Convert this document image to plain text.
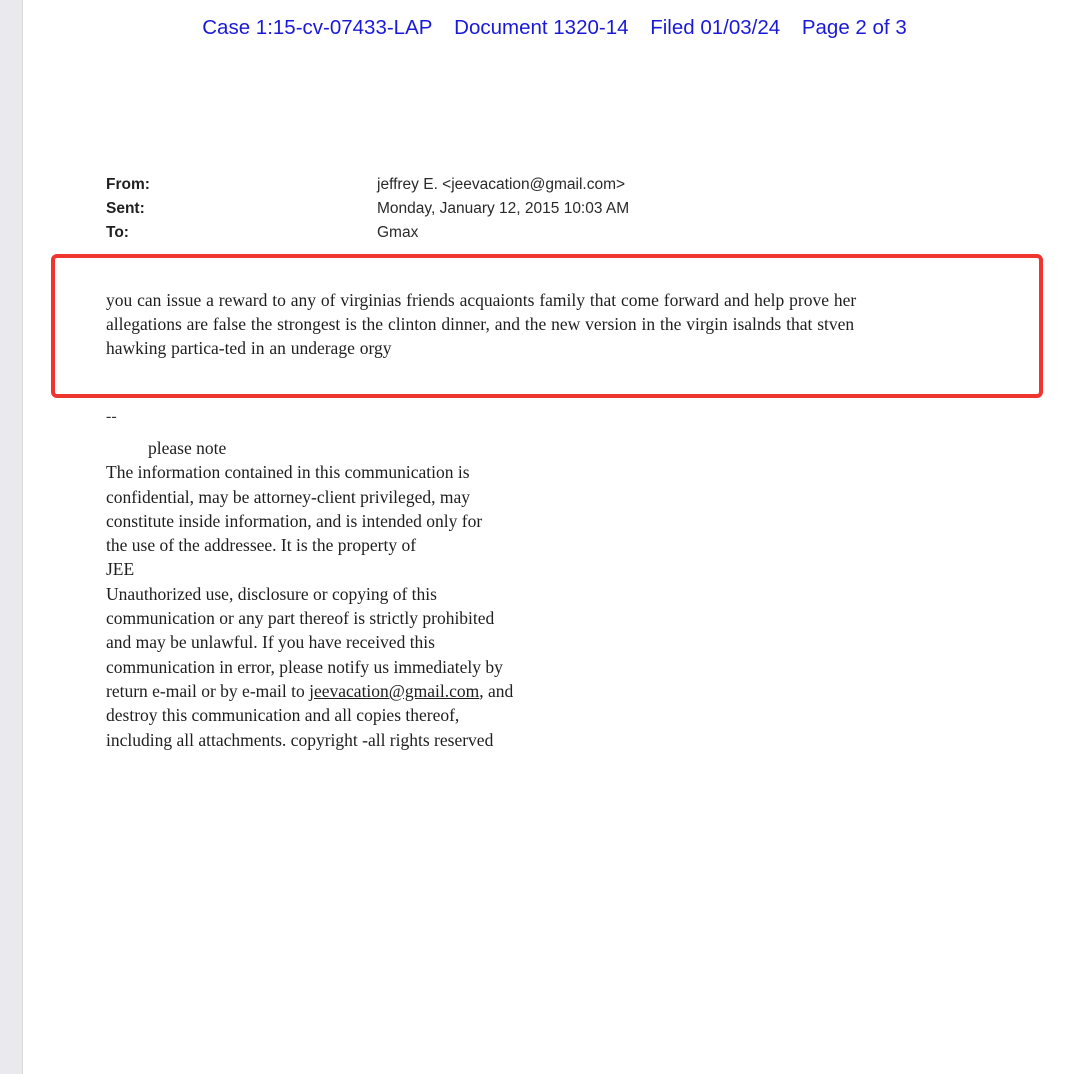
Case 1:15-cv-07433-LAP Document 1320-14 Filed 01/03/24 Page 2 of 3
From:	jeffrey E. <jeevacation@gmail.com>
Sent:	Monday, January 12, 2015 10:03 AM
To:	Gmax
you can issue a reward to any of virginias friends acquaionts family that come forward and help prove her
allegations are false the strongest is the clinton dinner, and the new version in the virgin isalnds that stven
hawking partica-ted in an underage orgy
--
please note
The information contained in this communication is
confidential, may be attorney-client privileged, may
constitute inside information, and is intended only for
the use of the addressee. It is the property of
JEE
Unauthorized use, disclosure or copying of this
communication or any part thereof is strictly prohibited
and may be unlawful. If you have received this
communication in error, please notify us immediately by
return e-mail or by e-mail to jeevacation@gmail.com, and
destroy this communication and all copies thereof,
including all attachments. copyright -all rights reserved
